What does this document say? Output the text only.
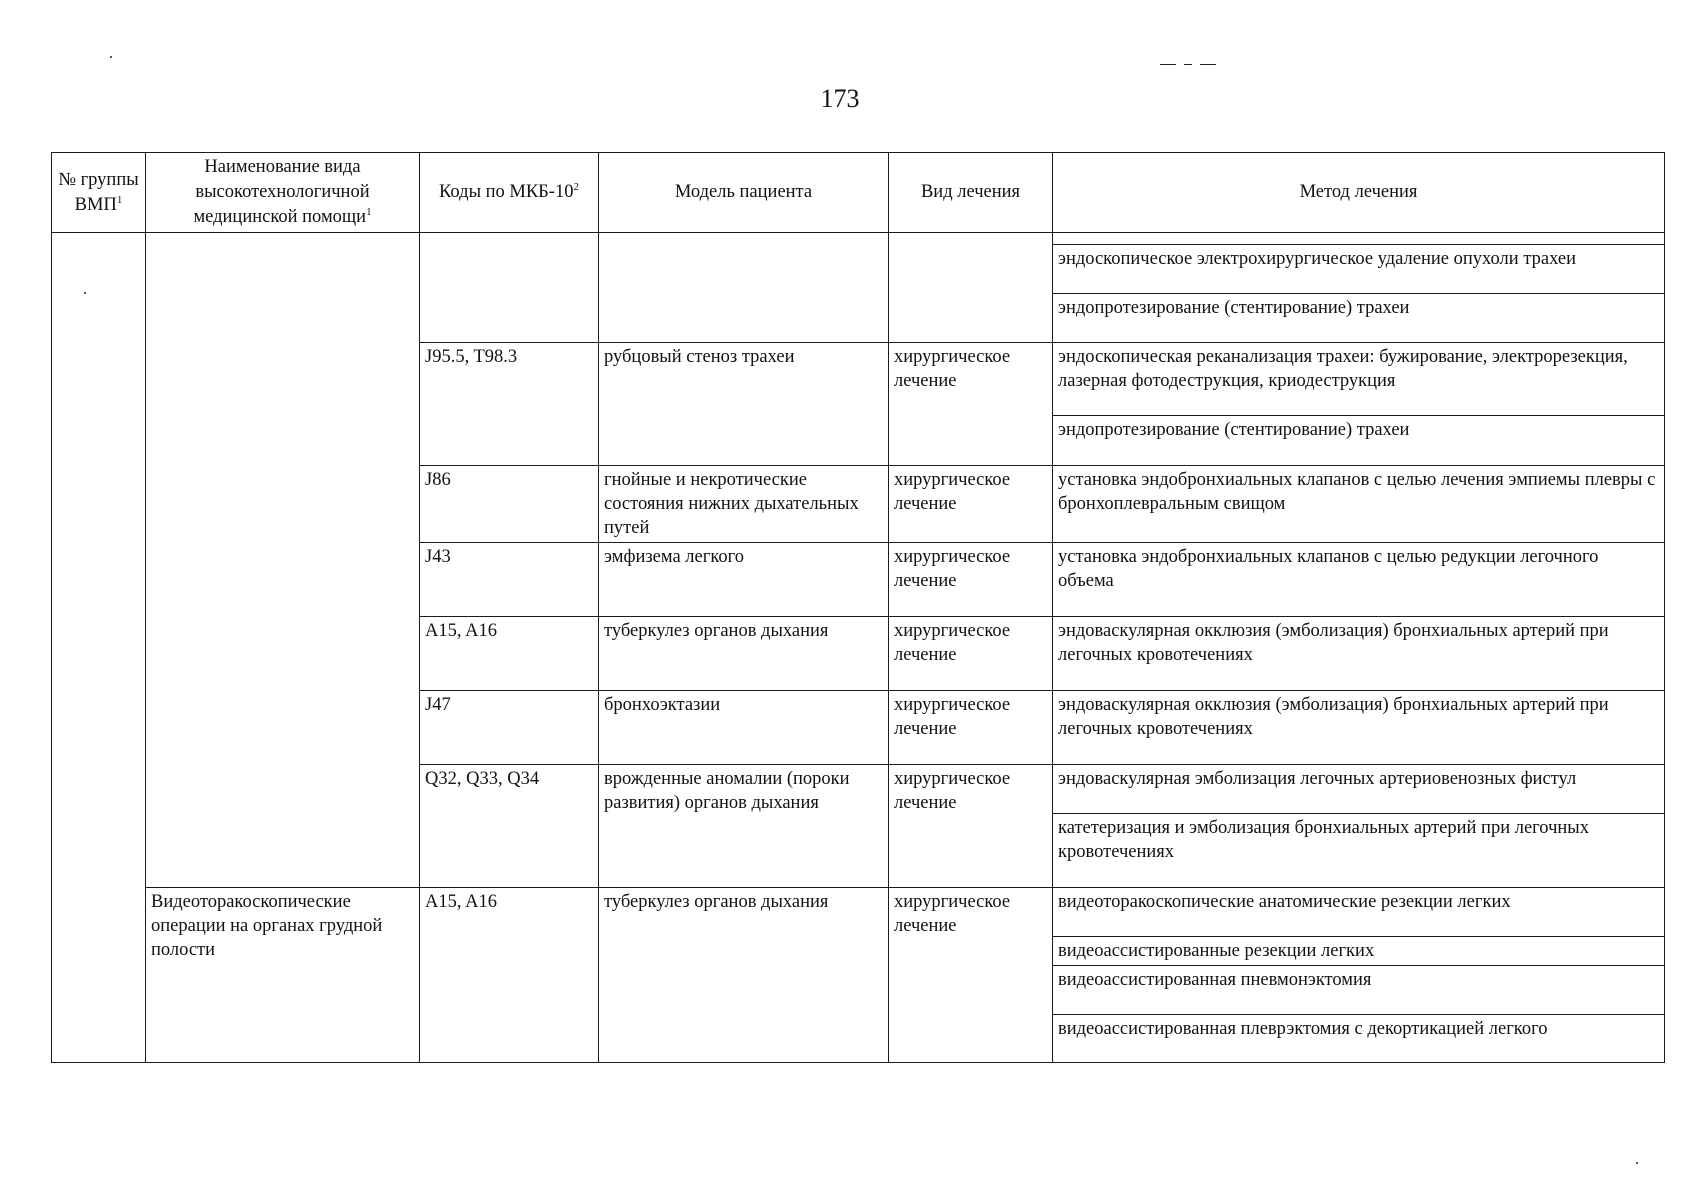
173
№ группы ВМП$^1$	Наименование вида высокотехнологичной медицинской помощи$^1$	Коды по МКБ-$10^2$	Модель пациента	Вид лечения	Метод лечения

					эндоскопическое электрохирургическое удаление опухоли трахеи
					эндопротезирование (стентирование) трахеи
		J95.5, T98.3	рубцовый стеноз трахеи	хирургическое лечение	эндоскопическая реканализация трахеи: бужирование, электрорезекция, лазерная фотодеструкция, криодеструкция
					эндопротезирование (стентирование) трахеи
		J86	гнойные и некротические состояния нижних дыхательных путей	хирургическое лечение	установка эндобронхиальных клапанов с целью лечения эмпиемы плевры с бронхоплевральным свищом
		J43	эмфизема легкого	хирургическое лечение	установка эндобронхиальных клапанов с целью редукции легочного объема
		A15, A16	туберкулез органов дыхания	хирургическое лечение	эндоваскулярная окклюзия (эмболизация) бронхиальных артерий при легочных кровотечениях
		J47	бронхоэктазии	хирургическое лечение	эндоваскулярная окклюзия (эмболизация) бронхиальных артерий при легочных кровотечениях
		Q32, Q33, Q34	врожденные аномалии (пороки развития) органов дыхания	хирургическое лечение	эндоваскулярная эмболизация легочных артериовенозных фистул
					катетеризация и эмболизация бронхиальных артерий при легочных кровотечениях
	Видеоторакоскопические операции на органах грудной полости	A15, A16	туберкулез органов дыхания	хирургическое лечение	видеоторакоскопические анатомические резекции легких
					видеоассистированные резекции легких
					видеоассистированная пневмонэктомия
					видеоассистированная плеврэктомия с декортикацией легкого
